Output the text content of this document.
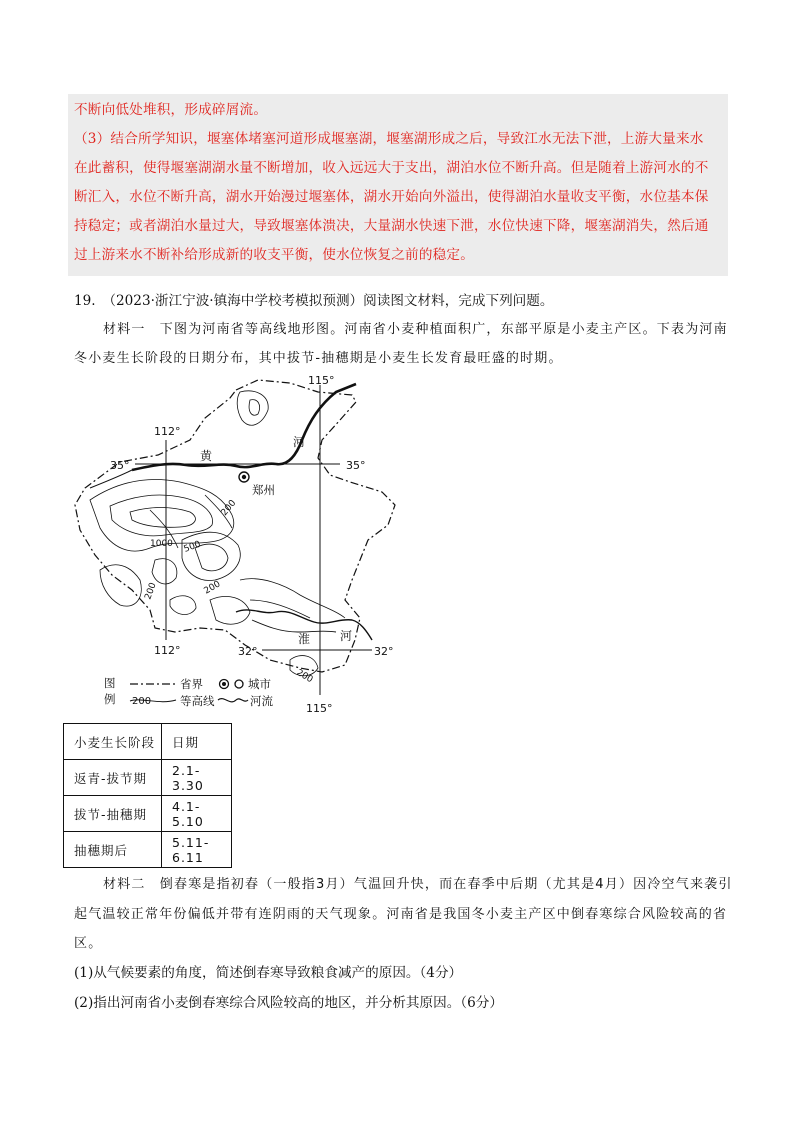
不断向低处堆积，形成碎屑流。
（3）结合所学知识，堰塞体堵塞河道形成堰塞湖，堰塞湖形成之后，导致江水无法下泄，上游大量来水
在此蓄积，使得堰塞湖湖水量不断增加，收入远远大于支出，湖泊水位不断升高。但是随着上游河水的不
断汇入，水位不断升高，湖水开始漫过堰塞体，湖水开始向外溢出，使得湖泊水量收支平衡，水位基本保
持稳定；或者湖泊水量过大，导致堰塞体溃决，大量湖水快速下泄，水位快速下降，堰塞湖消失，然后通
过上游来水不断补给形成新的收支平衡，使水位恢复之前的稳定。
19.　（2023·浙江宁波·镇海中学校考模拟预测）阅读图文材料，完成下列问题。
材料一　下图为河南省等高线地形图。河南省小麦种植面积广，东部平原是小麦主产区。下表为河南
冬小麦生长阶段的日期分布，其中拔节-抽穗期是小麦生长发育最旺盛的时期。
112°
112°
115°
115°
35°	35°
32°	32°
黄
河
淮 河
郑州
1000 500
200
200	200
200
图
例
省界
200	等高线
城市
河流
小麦生长阶段	日期
返青-拔节期	2.1-3.30
拔节-抽穗期	4.1-5.10
抽穗期后	5.11-6.11
材料二　倒春寒是指初春（一般指3月）气温回升快，而在春季中后期（尤其是4月）因冷空气来袭引
起气温较正常年份偏低并带有连阴雨的天气现象。河南省是我国冬小麦主产区中倒春寒综合风险较高的省
区。
(1)从气候要素的角度，简述倒春寒导致粮食减产的原因。（4分）
(2)指出河南省小麦倒春寒综合风险较高的地区，并分析其原因。（6分）
